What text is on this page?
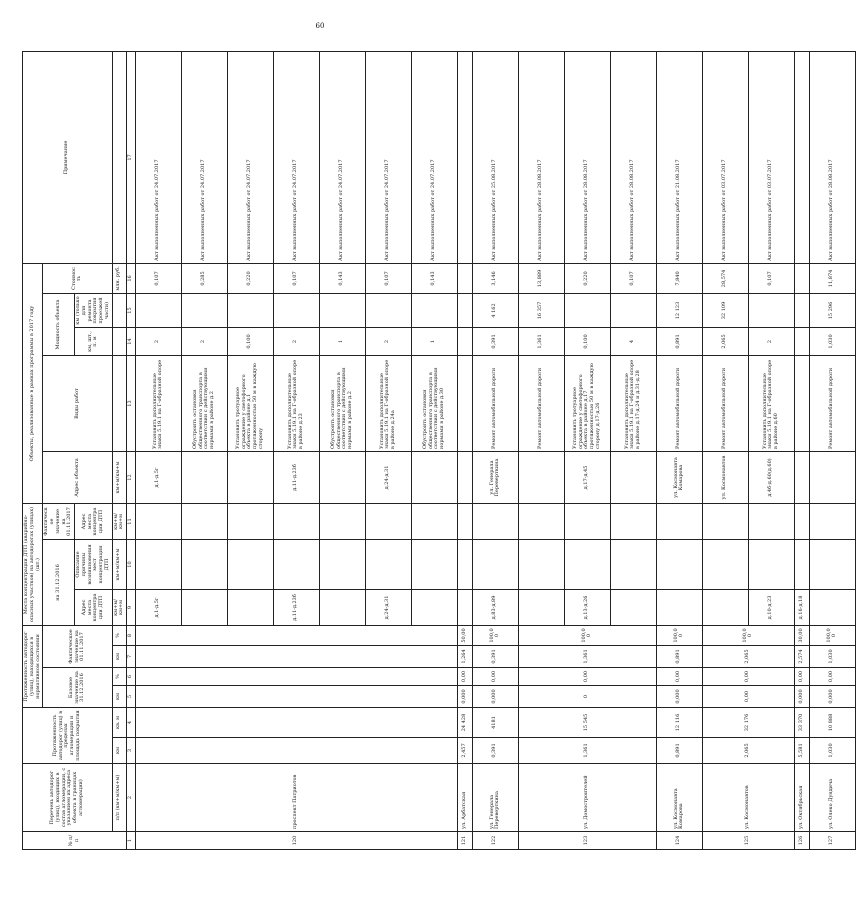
60
№ п/п	Перечень автодорог (улиц), входящих в состав агломерации, с указанием их адреса объекта в границах агломерации)	Протяженность автодорог (улиц) в пределах агломерации и площадь покрытия		Протяженность автодорог (улиц), находящихся в нормативном состоянии				Места концентрации ДТП (аварийно-опасных участков) на автодорогах (улицах) (шт.)			Объекты, реализованные в рамках программы в 2017 году					Примечание
				Базовое значение на 31.12.2016		Фактическое значение на 01.11.2017		на 31.12.2016		Фактическое значение на 01.11.2017	Адрес объекта	Виды работ	Мощность объекта		Стоимость	
								Адрес места концентрации ДТП	Описание причины возникновения мест концентрации ДТП	Адрес места концентрации ДТП			км, шт., п. м	км (только для ремонта покрытия проезжей части)		
	п/п (км+м/км+м)	км	кв. м	км	%	км	%	км+м/км+м	км+м/км+м	км+м/км+м	км+м/км+м				млн. руб.	
1	2	3	4	5	6	7	8	9	10	11	12	13	14	15	16	17
120	проспект Патриотов							д.1-д.5г			д.1-д.5г	Установить дополнительные знаки 5.19.1 на Г-образной опоре	2		0,107	Акт выполненных работ от 24.07.2017
												Обустроить остановки общественного транспорта в соответствии с действующими нормами в районе д.2	2		0,285	Акт выполненных работ от 24.07.2017
												Установить тротуарное ограждение у светофорного объекта в районе д.1 протяженностью 50 м в каждую сторону	0,100		0,220	Акт выполненных работ от 24.07.2017
								д.11-д.23б			д.11-д.23б	Установить дополнительные знаки 5.19.1 на Г-образной опоре в районе д.23	2		0,107	Акт выполненных работ от 24.07.2017
												Обустроить остановки общественного транспорта в соответствии с действующими нормами в районе д.2	1		0,143	Акт выполненных работ от 24.07.2017
								д.24-д.31			д.24-д.31	Установить дополнительные знаки 5.19.1 на Г-образной опоре в районе д.24а	2		0,107	Акт выполненных работ от 24.07.2017
												Обустроить остановки общественного транспорта в соответствии с действующими нормами в районе д.30	1		0,143	Акт выполненных работ от 24.07.2017
121	ул. Арбатская	2,457	24 428	0,000	0,00	1,264	50,00									
122	ул. Генерала Переверткина	0,391	4181	0,000	0,00	0,391	100,00	д.83-д.89			ул. Генерала Переверткина	Ремонт автомобильной дороги	0,391	4 162	3,146	Акт выполненных работ от 25.08.2017
123	ул. Домостроителей	1,361	15 545	0	0,00	1,361	100,00					Ремонт автомобильной дороги	1,361	16 357	13,889	Акт выполненных работ от 28.08.2017
								д.13-д.26			д.17-д.45	Установить тротуарное ограждение у светофорного объекта в районе д.17 протяженностью 50 м в каждую сторону д.17-д.26	0,100		0,220	Акт выполненных работ от 28.08.2017
												Установить дополнительные знаки 5.19.1 на Г-образной опоре в районе д.17-д.24 и д.31-д.28	4		0,107	Акт выполненных работ от 28.08.2017
124	ул. Космонавта Комарова	0,891	12 116	0,000	0,00	0,891	100,00				ул. Космонавта Комарова	Ремонт автомобильной дороги	0,891	12 123	7,840	Акт выполненных работ от 21.08.2017
125	ул. Космонавтов	2,065	32 176	0,00	0,00	2,065	100,00				ул. Космонавтов	Ремонт автомобильной дороги	2,065	32 109	28,574	Акт выполненных работ от 03.07.2017
								д.10-д.23			д.4б-д.60(д.60)	Установить дополнительные знаки 5.19.1 на Г-образной опоре в районе д.60	2		0,107	Акт выполненных работ от 03.07.2017
126	ул. Октябрьская	5,581	33 370	0,000	0,00	2,574	30,00	д.16-д.18								
127	ул. Олеко Дундича	1,030	10 888	0,000	0,00	1,030	100,00					Ремонт автомобильной дороги	1,030	15 296	11,874	Акт выполненных работ от 28.08.2017
